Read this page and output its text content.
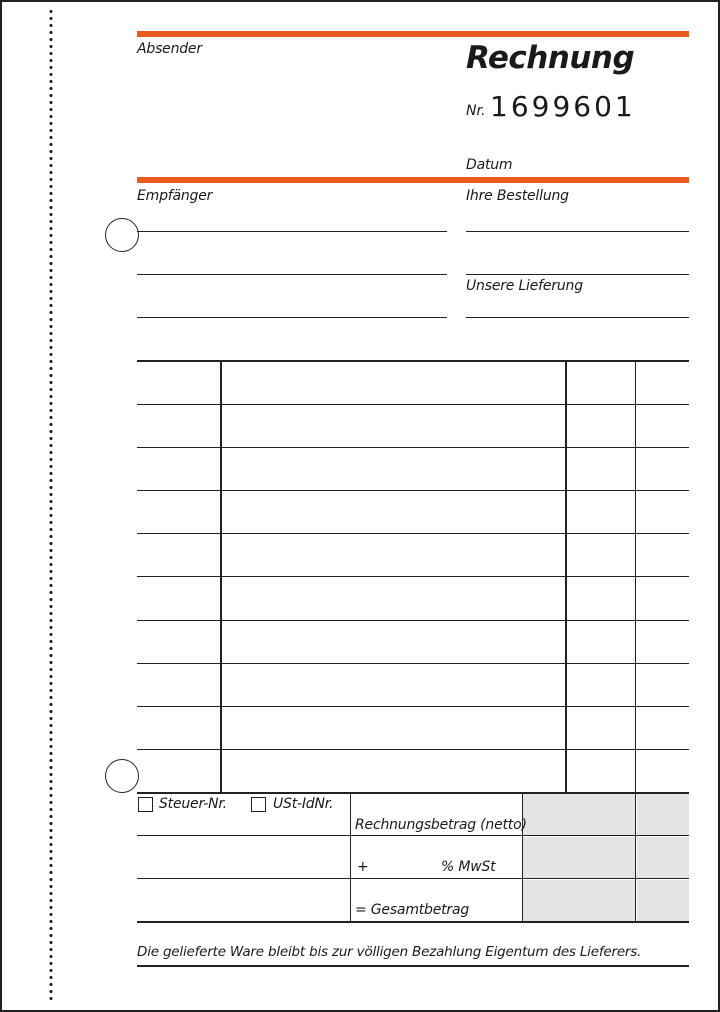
Absender	Rechnung
Nr. 1699601
Datum
Empfänger	Ihre Bestellung
Unsere Lieferung
Steuer-Nr.	USt-IdNr.
Rechnungsbetrag (netto)
+	% MwSt
= Gesamtbetrag
Die gelieferte Ware bleibt bis zur völligen Bezahlung Eigentum des Lieferers.
